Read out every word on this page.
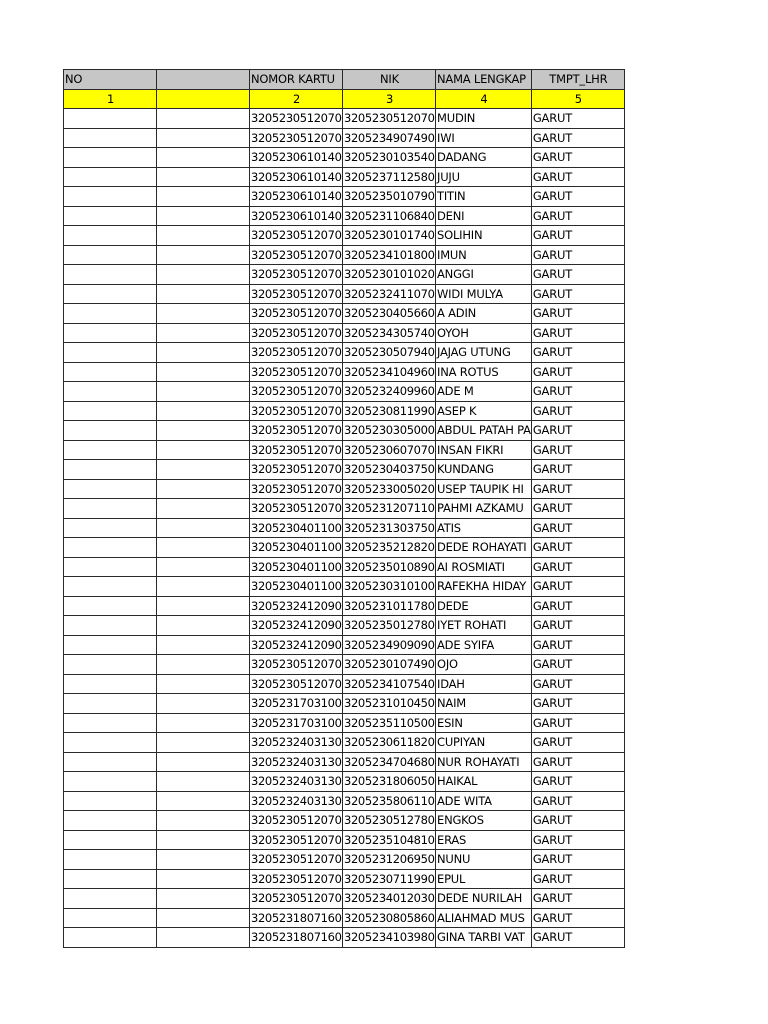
NO		NOMOR KARTU	NIK	NAMA LENGKAP	TMPT_LHR
1		2	3	4	5
		3205230512070	3205230512070	MUDIN	GARUT
		3205230512070	3205234907490	IWI	GARUT
		3205230610140	3205230103540	DADANG	GARUT
		3205230610140	3205237112580	JUJU	GARUT
		3205230610140	3205235010790	TITIN	GARUT
		3205230610140	3205231106840	DENI	GARUT
		3205230512070	3205230101740	SOLIHIN	GARUT
		3205230512070	3205234101800	IMUN	GARUT
		3205230512070	3205230101020	ANGGI	GARUT
		3205230512070	3205232411070	WIDI MULYA	GARUT
		3205230512070	3205230405660	A ADIN	GARUT
		3205230512070	3205234305740	OYOH	GARUT
		3205230512070	3205230507940	JAJAG UTUNG	GARUT
		3205230512070	3205234104960	INA ROTUS	GARUT
		3205230512070	3205232409960	ADE M	GARUT
		3205230512070	3205230811990	ASEP K	GARUT
		3205230512070	3205230305000	ABDUL PATAH PA	GARUT
		3205230512070	3205230607070	INSAN FIKRI	GARUT
		3205230512070	3205230403750	KUNDANG	GARUT
		3205230512070	3205233005020	USEP TAUPIK HI	GARUT
		3205230512070	3205231207110	PAHMI AZKAMU	GARUT
		3205230401100	3205231303750	ATIS	GARUT
		3205230401100	3205235212820	DEDE ROHAYATI	GARUT
		3205230401100	3205235010890	AI ROSMIATI	GARUT
		3205230401100	3205230310100	RAFEKHA HIDAY	GARUT
		3205232412090	3205231011780	DEDE	GARUT
		3205232412090	3205235012780	IYET ROHATI	GARUT
		3205232412090	3205234909090	ADE SYIFA	GARUT
		3205230512070	3205230107490	OJO	GARUT
		3205230512070	3205234107540	IDAH	GARUT
		3205231703100	3205231010450	NAIM	GARUT
		3205231703100	3205235110500	ESIN	GARUT
		3205232403130	3205230611820	CUPIYAN	GARUT
		3205232403130	3205234704680	NUR ROHAYATI	GARUT
		3205232403130	3205231806050	HAIKAL	GARUT
		3205232403130	3205235806110	ADE WITA	GARUT
		3205230512070	3205230512780	ENGKOS	GARUT
		3205230512070	3205235104810	ERAS	GARUT
		3205230512070	3205231206950	NUNU	GARUT
		3205230512070	3205230711990	EPUL	GARUT
		3205230512070	3205234012030	DEDE NURILAH	GARUT
		3205231807160	3205230805860	ALIAHMAD MUS	GARUT
		3205231807160	3205234103980	GINA TARBI VAT	GARUT
